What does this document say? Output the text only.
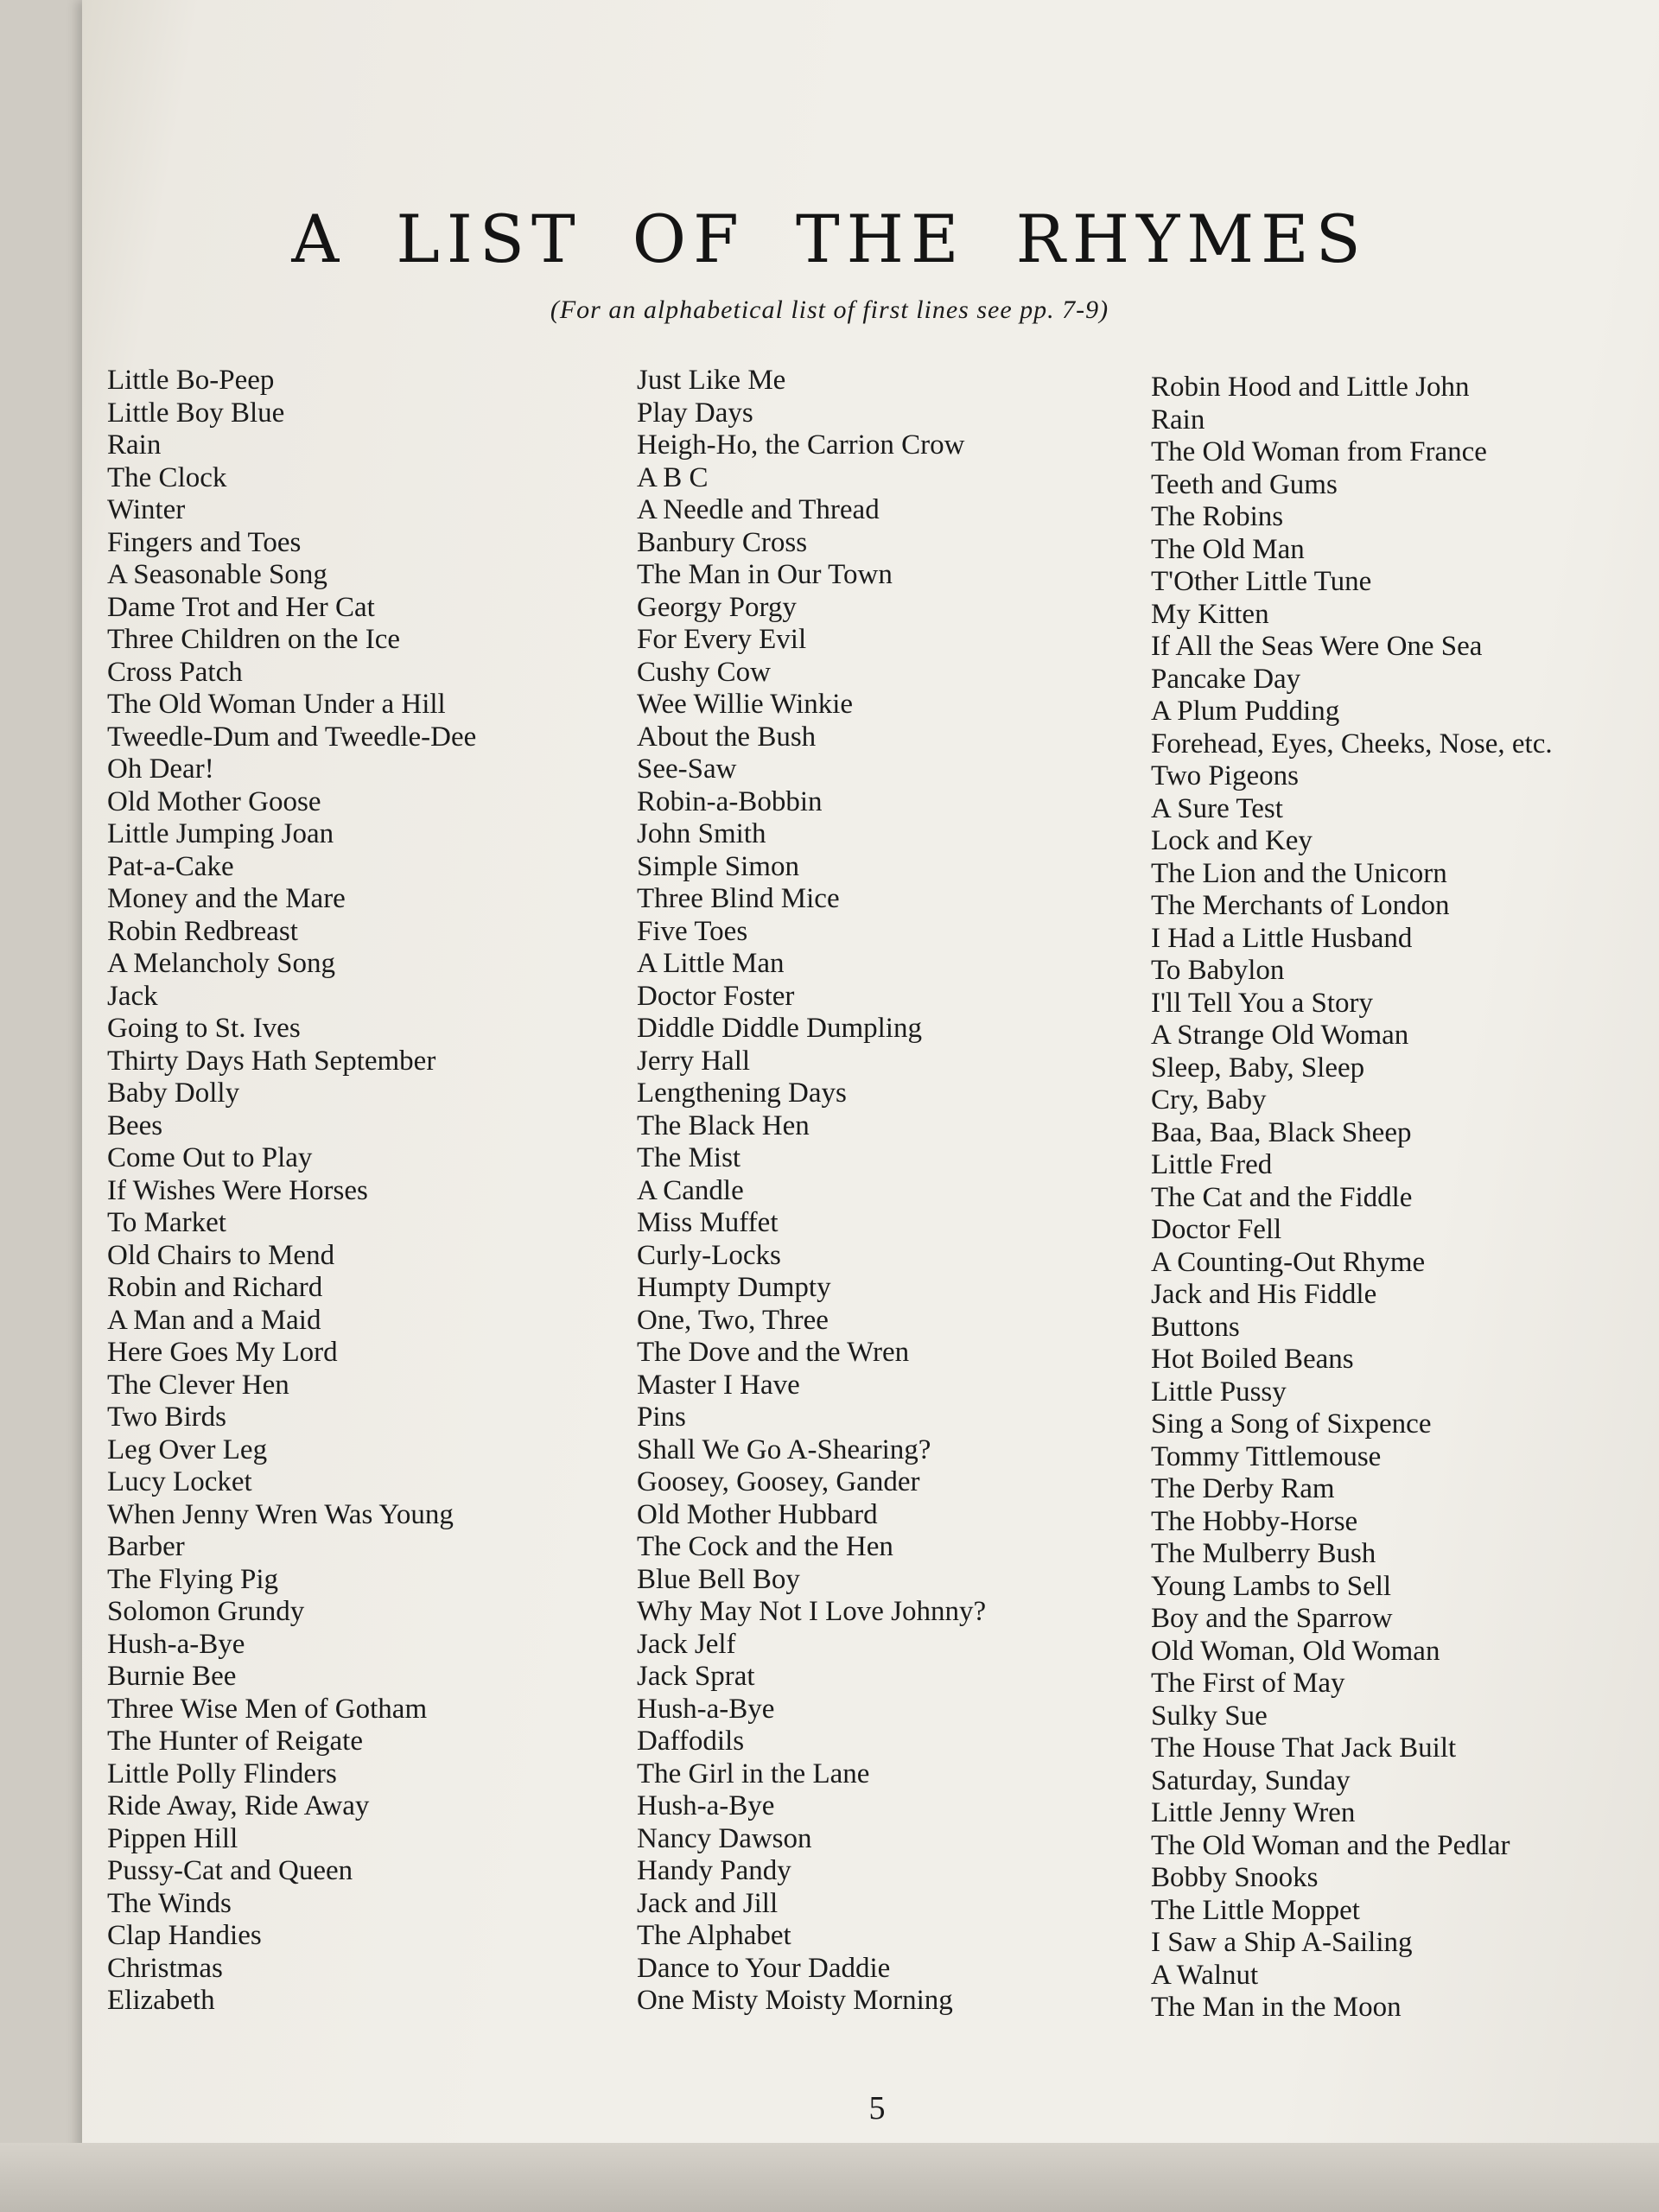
A LIST OF THE RHYMES
(For an alphabetical list of first lines see pp. 7-9)
Little Bo-Peep
Little Boy Blue
Rain
The Clock
Winter
Fingers and Toes
A Seasonable Song
Dame Trot and Her Cat
Three Children on the Ice
Cross Patch
The Old Woman Under a Hill
Tweedle-Dum and Tweedle-Dee
Oh Dear!
Old Mother Goose
Little Jumping Joan
Pat-a-Cake
Money and the Mare
Robin Redbreast
A Melancholy Song
Jack
Going to St. Ives
Thirty Days Hath September
Baby Dolly
Bees
Come Out to Play
If Wishes Were Horses
To Market
Old Chairs to Mend
Robin and Richard
A Man and a Maid
Here Goes My Lord
The Clever Hen
Two Birds
Leg Over Leg
Lucy Locket
When Jenny Wren Was Young
Barber
The Flying Pig
Solomon Grundy
Hush-a-Bye
Burnie Bee
Three Wise Men of Gotham
The Hunter of Reigate
Little Polly Flinders
Ride Away, Ride Away
Pippen Hill
Pussy-Cat and Queen
The Winds
Clap Handies
Christmas
Elizabeth
Just Like Me
Play Days
Heigh-Ho, the Carrion Crow
A B C
A Needle and Thread
Banbury Cross
The Man in Our Town
Georgy Porgy
For Every Evil
Cushy Cow
Wee Willie Winkie
About the Bush
See-Saw
Robin-a-Bobbin
John Smith
Simple Simon
Three Blind Mice
Five Toes
A Little Man
Doctor Foster
Diddle Diddle Dumpling
Jerry Hall
Lengthening Days
The Black Hen
The Mist
A Candle
Miss Muffet
Curly-Locks
Humpty Dumpty
One, Two, Three
The Dove and the Wren
Master I Have
Pins
Shall We Go A-Shearing?
Goosey, Goosey, Gander
Old Mother Hubbard
The Cock and the Hen
Blue Bell Boy
Why May Not I Love Johnny?
Jack Jelf
Jack Sprat
Hush-a-Bye
Daffodils
The Girl in the Lane
Hush-a-Bye
Nancy Dawson
Handy Pandy
Jack and Jill
The Alphabet
Dance to Your Daddie
One Misty Moisty Morning
Robin Hood and Little John
Rain
The Old Woman from France
Teeth and Gums
The Robins
The Old Man
T'Other Little Tune
My Kitten
If All the Seas Were One Sea
Pancake Day
A Plum Pudding
Forehead, Eyes, Cheeks, Nose, etc.
Two Pigeons
A Sure Test
Lock and Key
The Lion and the Unicorn
The Merchants of London
I Had a Little Husband
To Babylon
I'll Tell You a Story
A Strange Old Woman
Sleep, Baby, Sleep
Cry, Baby
Baa, Baa, Black Sheep
Little Fred
The Cat and the Fiddle
Doctor Fell
A Counting-Out Rhyme
Jack and His Fiddle
Buttons
Hot Boiled Beans
Little Pussy
Sing a Song of Sixpence
Tommy Tittlemouse
The Derby Ram
The Hobby-Horse
The Mulberry Bush
Young Lambs to Sell
Boy and the Sparrow
Old Woman, Old Woman
The First of May
Sulky Sue
The House That Jack Built
Saturday, Sunday
Little Jenny Wren
The Old Woman and the Pedlar
Bobby Snooks
The Little Moppet
I Saw a Ship A-Sailing
A Walnut
The Man in the Moon
5
